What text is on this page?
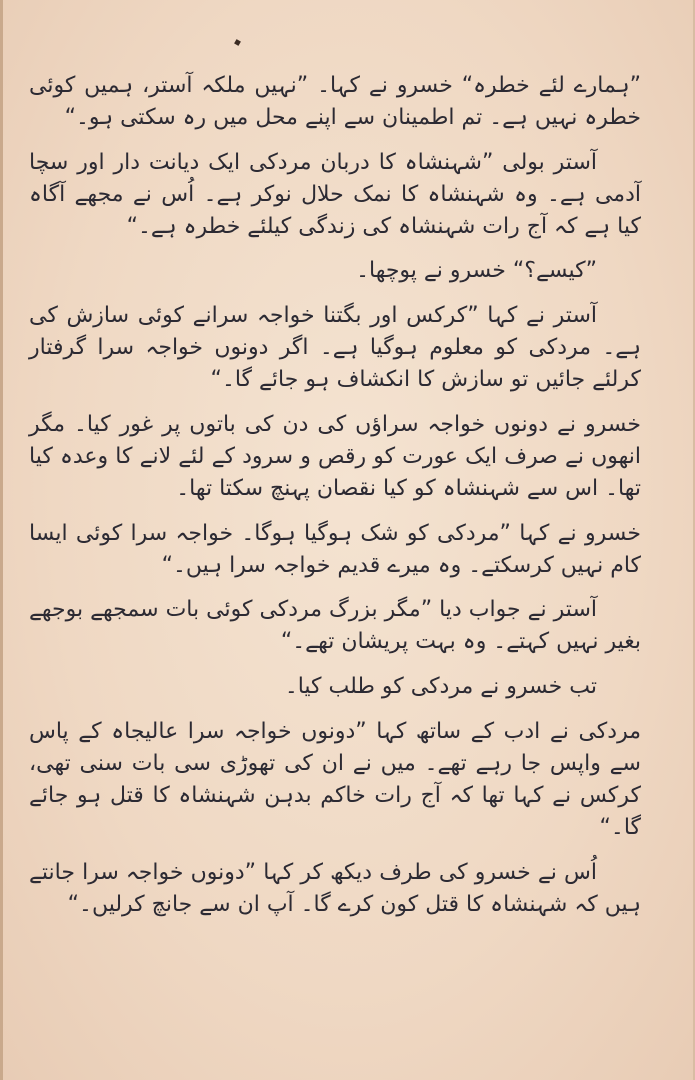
”ہمارے لئے خطرہ“ خسرو نے کہا۔ ”نہیں ملکہ آستر، ہمیں کوئی خطرہ نہیں ہے۔ تم اطمینان سے اپنے محل میں رہ سکتی ہو۔“

آستر بولی ”شہنشاہ کا دربان مردکی ایک دیانت دار اور سچا آدمی ہے۔ وہ شہنشاہ کا نمک حلال نوکر ہے۔ اُس نے مجھے آگاہ کیا ہے کہ آج رات شہنشاہ کی زندگی کیلئے خطرہ ہے۔“

”کیسے؟“ خسرو نے پوچھا۔

آستر نے کہا ”کرکس اور بگتنا خواجہ سرانے کوئی سازش کی ہے۔ مردکی کو معلوم ہوگیا ہے۔ اگر دونوں خواجہ سرا گرفتار کرلئے جائیں تو سازش کا انکشاف ہو جائے گا۔“

خسرو نے دونوں خواجہ سراؤں کی دن کی باتوں پر غور کیا۔ مگر انھوں نے صرف ایک عورت کو رقص و سرود کے لئے لانے کا وعدہ کیا تھا۔ اس سے شہنشاہ کو کیا نقصان پہنچ سکتا تھا۔

خسرو نے کہا ”مردکی کو شک ہوگیا ہوگا۔ خواجہ سرا کوئی ایسا کام نہیں کرسکتے۔ وہ میرے قدیم خواجہ سرا ہیں۔“

آستر نے جواب دیا ”مگر بزرگ مردکی کوئی بات سمجھے بوجھے بغیر نہیں کہتے۔ وہ بہت پریشان تھے۔“

تب خسرو نے مردکی کو طلب کیا۔

مردکی نے ادب کے ساتھ کہا ”دونوں خواجہ سرا عالیجاہ کے پاس سے واپس جا رہے تھے۔ میں نے ان کی تھوڑی سی بات سنی تھی، کرکس نے کہا تھا کہ آج رات خاکم بدہن شہنشاہ کا قتل ہو جائے گا۔“

اُس نے خسرو کی طرف دیکھ کر کہا ”دونوں خواجہ سرا جانتے ہیں کہ شہنشاہ کا قتل کون کرے گا۔ آپ ان سے جانچ کرلیں۔“
